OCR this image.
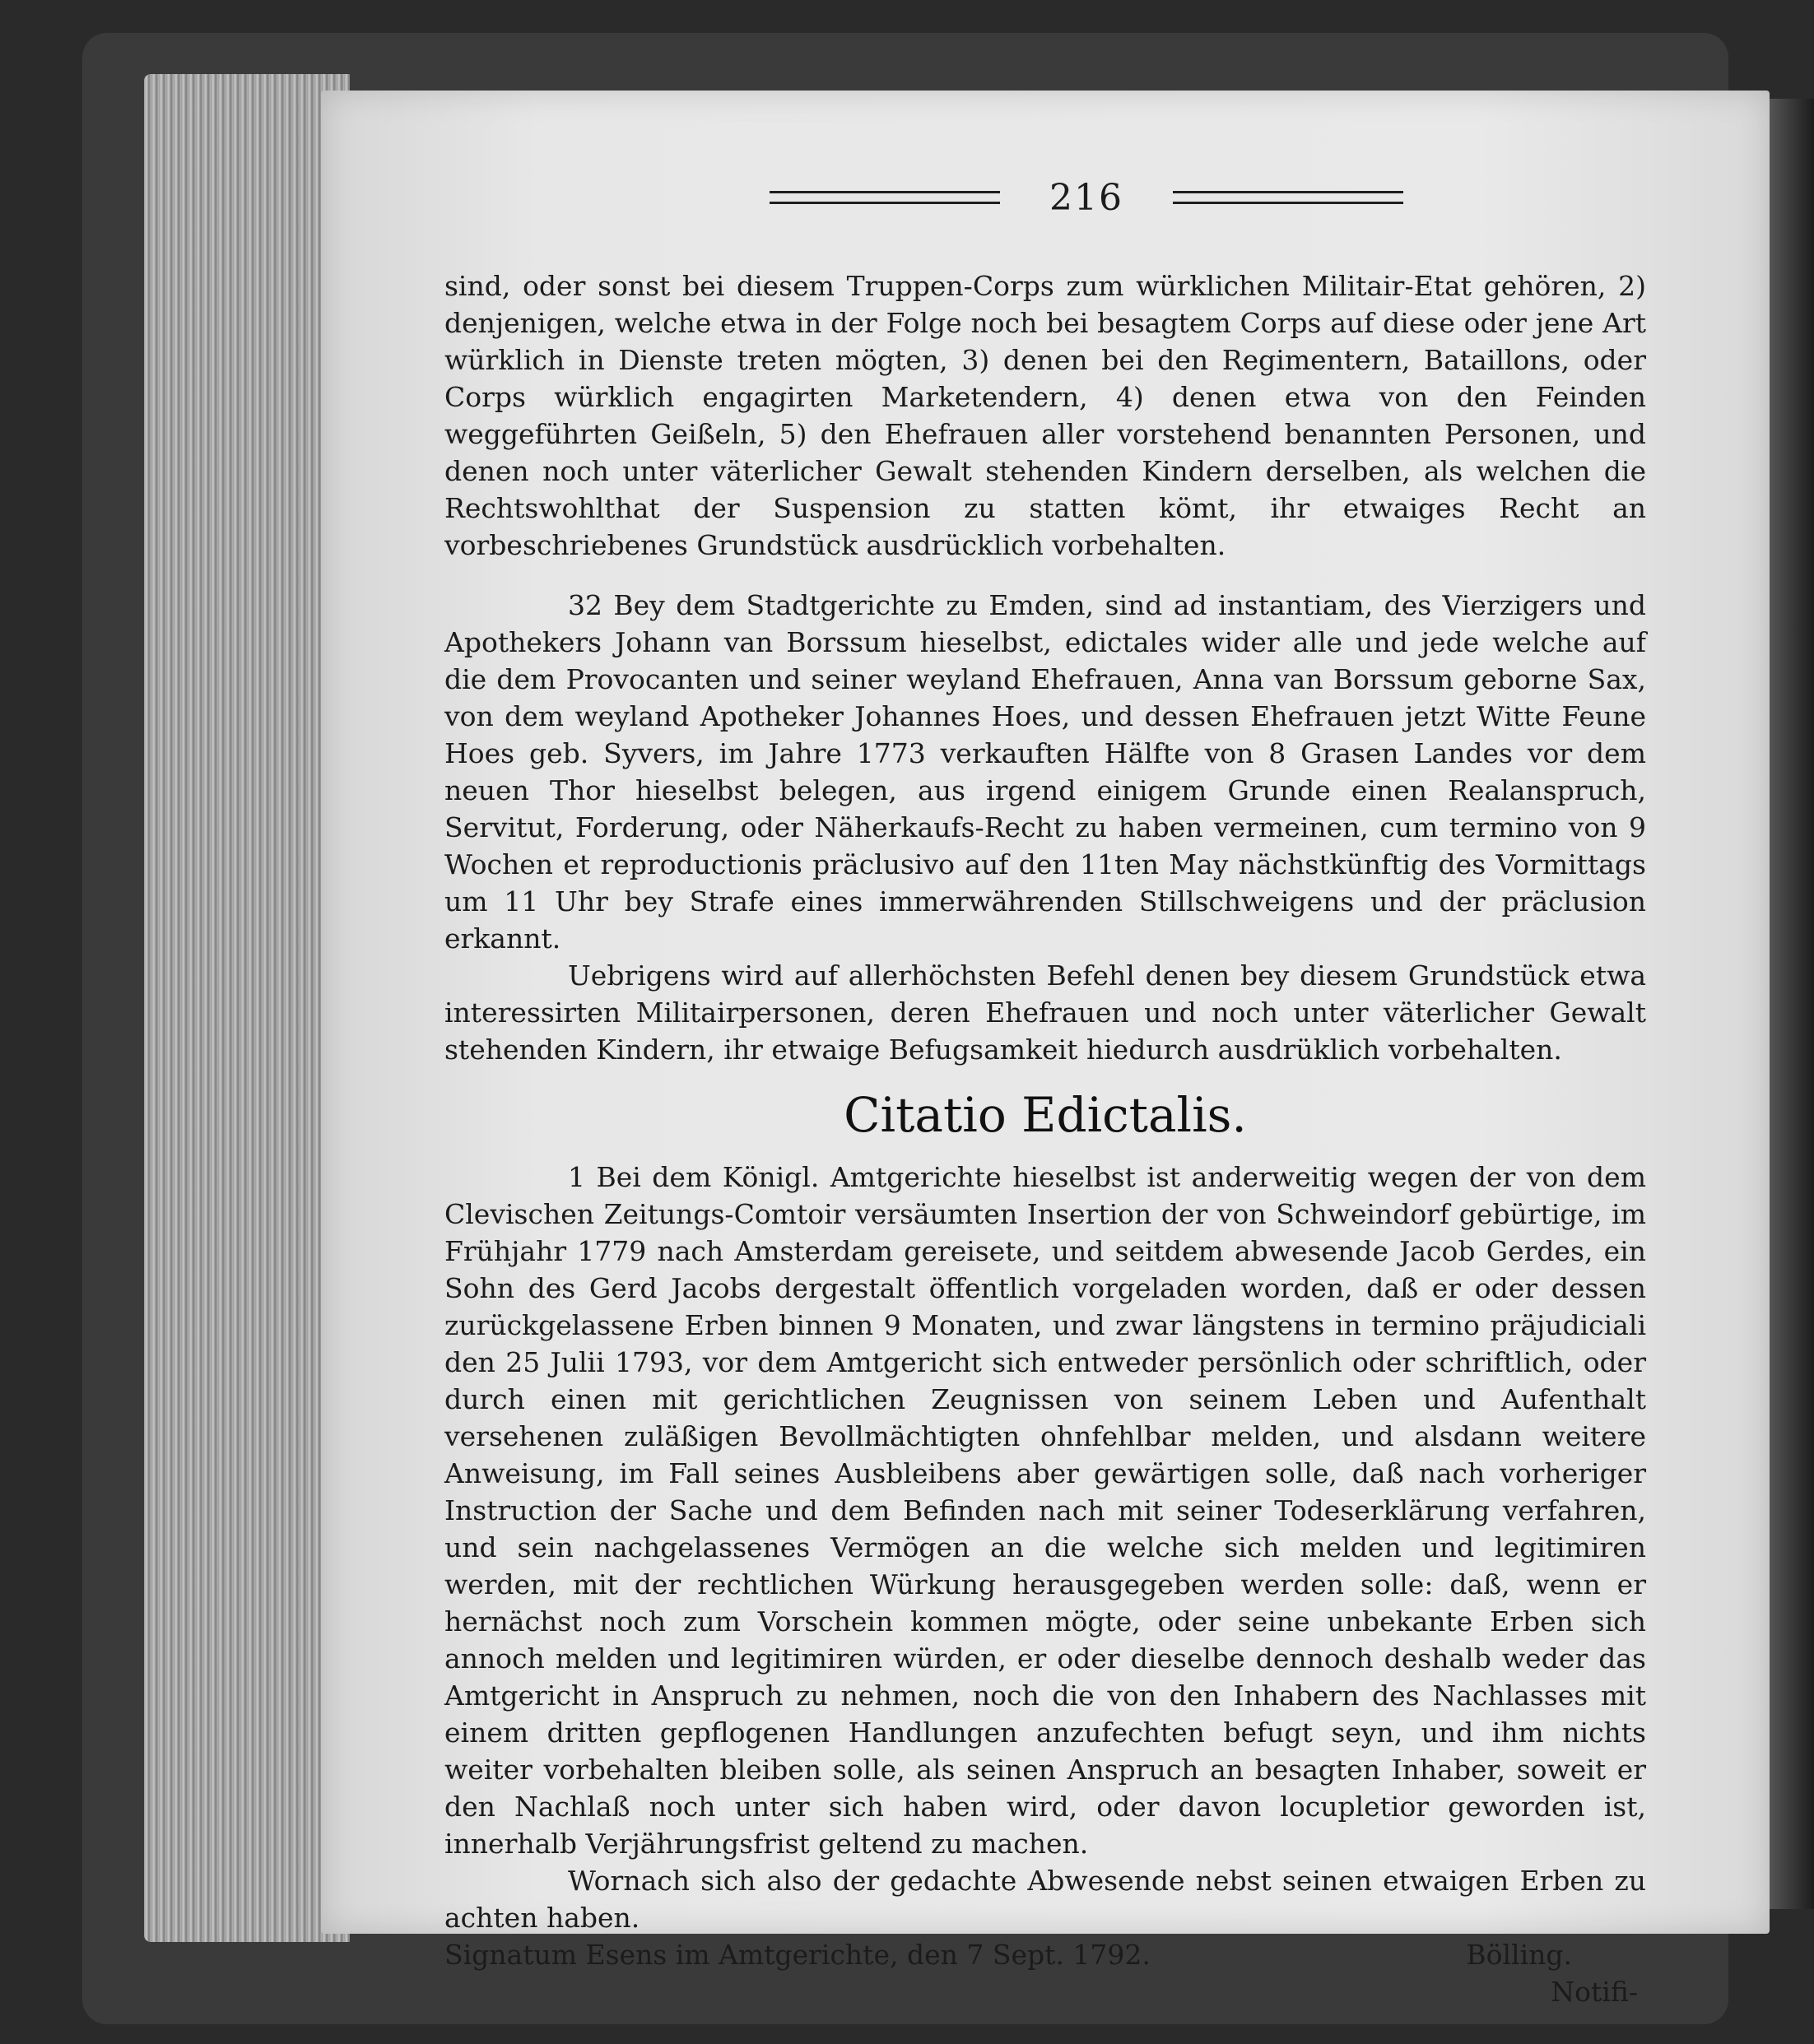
216

sind, oder sonst bei diesem Truppen-Corps zum würklichen Militair-Etat gehören, 2) denjenigen, welche etwa in der Folge noch bei besagtem Corps auf diese oder jene Art würklich in Dienste treten mögten, 3) denen bei den Regimentern, Bataillons, oder Corps würklich engagirten Marketendern, 4) denen etwa von den Feinden weggeführten Geißeln, 5) den Ehefrauen aller vorstehend benannten Personen, und denen noch unter väterlicher Gewalt stehenden Kindern derselben, als welchen die Rechtswohlthat der Suspension zu statten kömt, ihr etwaiges Recht an vorbeschriebenes Grundstück ausdrücklich vorbehalten.

32 Bey dem Stadtgerichte zu Emden, sind ad instantiam, des Vierzigers und Apothekers Johann van Borssum hieselbst, edictales wider alle und jede welche auf die dem Provocanten und seiner weyland Ehefrauen, Anna van Borssum geborne Sax, von dem weyland Apotheker Johannes Hoes, und dessen Ehefrauen jetzt Witte Feune Hoes geb. Syvers, im Jahre 1773 verkauften Hälfte von 8 Grasen Landes vor dem neuen Thor hieselbst belegen, aus irgend einigem Grunde einen Realanspruch, Servitut, Forderung, oder Näherkaufs-Recht zu haben vermeinen, cum termino von 9 Wochen et reproductionis präclusivo auf den 11ten May nächstkünftig des Vormittags um 11 Uhr bey Strafe eines immerwährenden Stillschweigens und der präclusion erkannt.

Uebrigens wird auf allerhöchsten Befehl denen bey diesem Grundstück etwa interessirten Militairpersonen, deren Ehefrauen und noch unter väterlicher Gewalt stehenden Kindern, ihr etwaige Befugsamkeit hiedurch ausdrüklich vorbehalten.

Citatio Edictalis.

1 Bei dem Königl. Amtgerichte hieselbst ist anderweitig wegen der von dem Clevischen Zeitungs-Comtoir versäumten Insertion der von Schweindorf gebürtige, im Frühjahr 1779 nach Amsterdam gereisete, und seitdem abwesende Jacob Gerdes, ein Sohn des Gerd Jacobs dergestalt öffentlich vorgeladen worden, daß er oder dessen zurückgelassene Erben binnen 9 Monaten, und zwar längstens in termino präjudiciali den 25 Julii 1793, vor dem Amtgericht sich entweder persönlich oder schriftlich, oder durch einen mit gerichtlichen Zeugnissen von seinem Leben und Aufenthalt versehenen zuläßigen Bevollmächtigten ohnfehlbar melden, und alsdann weitere Anweisung, im Fall seines Ausbleibens aber gewärtigen solle, daß nach vorheriger Instruction der Sache und dem Befinden nach mit seiner Todeserklärung verfahren, und sein nachgelassenes Vermögen an die welche sich melden und legitimiren werden, mit der rechtlichen Würkung herausgegeben werden solle: daß, wenn er hernächst noch zum Vorschein kommen mögte, oder seine unbekante Erben sich annoch melden und legitimiren würden, er oder dieselbe dennoch deshalb weder das Amtgericht in Anspruch zu nehmen, noch die von den Inhabern des Nachlasses mit einem dritten gepflogenen Handlungen anzufechten befugt seyn, und ihm nichts weiter vorbehalten bleiben solle, als seinen Anspruch an besagten Inhaber, soweit er den Nachlaß noch unter sich haben wird, oder davon locupletior geworden ist, innerhalb Verjährungsfrist geltend zu machen.

Wornach sich also der gedachte Abwesende nebst seinen etwaigen Erben zu achten haben.

Signatum Esens im Amtgerichte, den 7 Sept. 1792.	Bölling.

Notifi-
